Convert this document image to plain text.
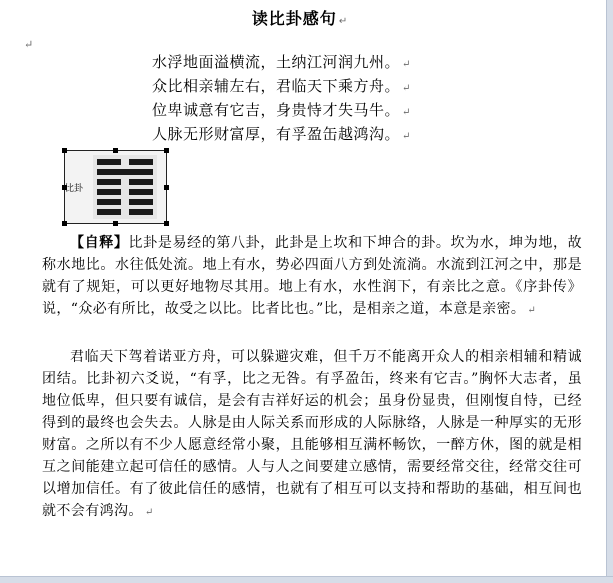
读比卦感句 ↵
↵
水浮地面溢横流，土纳江河润九州。 ↵
众比相亲辅左右，君临天下乘方舟。 ↵
位卑诚意有它吉，身贵恃才失马牛。 ↵
人脉无形财富厚，有孚盈缶越鸿沟。 ↵
比卦
【自释】比卦是易经的第八卦，此卦是上坎和下坤合的卦。坎为水，坤为地，故称水地比。水往低处流。地上有水，势必四面八方到处流淌。水流到江河之中，那是就有了规矩，可以更好地物尽其用。地上有水，水性润下，有亲比之意。《序卦传》说，“众必有所比，故受之以比。比者比也。”比，是相亲之道，本意是亲密。 ↵
君临天下驾着诺亚方舟，可以躲避灾难，但千万不能离开众人的相亲相辅和精诚团结。比卦初六爻说，“有孚，比之无咎。有孚盈缶，终来有它吉。”胸怀大志者，虽地位低卑，但只要有诚信，是会有吉祥好运的机会；虽身份显贵，但刚愎自恃，已经得到的最终也会失去。人脉是由人际关系而形成的人际脉络，人脉是一种厚实的无形财富。之所以有不少人愿意经常小聚，且能够相互满杯畅饮，一醉方休，图的就是相互之间能建立起可信任的感情。人与人之间要建立感情，需要经常交往，经常交往可以增加信任。有了彼此信任的感情，也就有了相互可以支持和帮助的基础，相互间也就不会有鸿沟。 ↵
